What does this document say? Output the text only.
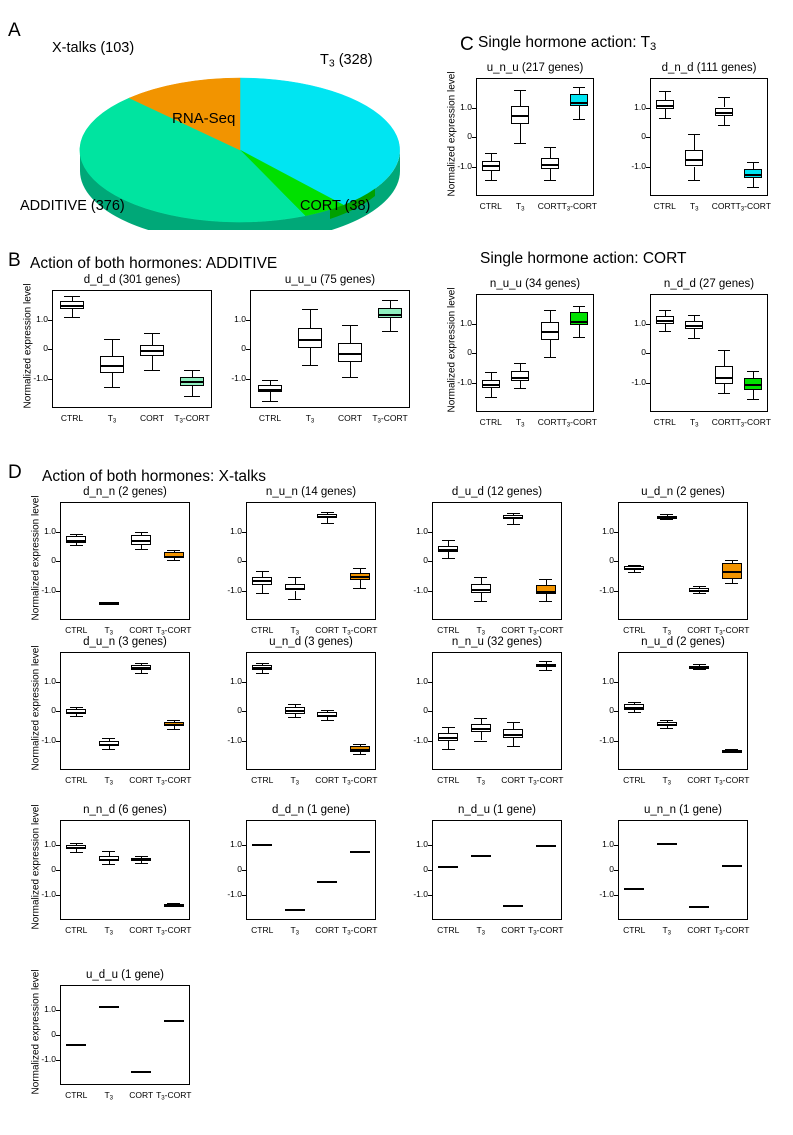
A
B
C
D
$T_3$ (328)
X-talks (103)
ADDITIVE (376)	CORT (38)
RNA-Seq
Single hormone action: $T_3$
Action of both hormones: ADDITIVE	Single hormone action: CORT
Action of both hormones: X-talks
u_n_u (217 genes)
1.0
0
-1.0
Normalized expression level
CTRL	$T_3$	CORT $T_3$-CORT
d_n_d (111 genes)
1.0
0
-1.0
CTRL	$T_3$	CORT $T_3$-CORT
d_d_d (301 genes)
1.0
0
-1.0
Normalized expression level
CTRL	$T_3$	CORT	$T_3$-CORT
u_u_u (75 genes)
1.0
0
-1.0
CTRL	$T_3$	CORT	$T_3$-CORT
n_u_u (34 genes)
1.0
0
-1.0
Normalized expression level
CTRL	$T_3$	CORT $T_3$-CORT
n_d_d (27 genes)
1.0
0
-1.0
CTRL	$T_3$	CORT $T_3$-CORT
d_n_n (2 genes)
1.0
0
-1.0
Normalized expression level
CTRL	$T_3$	CORT $T_3$-CORT
n_u_n (14 genes)
1.0
0
-1.0
CTRL	$T_3$	CORT $T_3$-CORT
d_u_d (12 genes)
1.0
0
-1.0
CTRL	$T_3$	CORT $T_3$-CORT
u_d_n (2 genes)
1.0
0
-1.0
CTRL	$T_3$	CORT $T_3$-CORT
d_u_n (3 genes)
1.0
0
-1.0
Normalized expression level
CTRL	$T_3$	CORT $T_3$-CORT
u_n_d (3 genes)
1.0
0
-1.0
CTRL	$T_3$	CORT $T_3$-CORT
n_n_u (32 genes)
1.0
0
-1.0
CTRL	$T_3$	CORT $T_3$-CORT
n_u_d (2 genes)
1.0
0
-1.0
CTRL	$T_3$	CORT $T_3$-CORT
n_n_d (6 genes)
1.0
0
-1.0
Normalized expression level
CTRL	$T_3$	CORT $T_3$-CORT
d_d_n (1 gene)
1.0
0
-1.0
CTRL	$T_3$	CORT $T_3$-CORT
n_d_u (1 gene)
1.0
0
-1.0
CTRL	$T_3$	CORT $T_3$-CORT
u_n_n (1 gene)
1.0
0
-1.0
CTRL	$T_3$	CORT $T_3$-CORT
u_d_u (1 gene)
1.0
0
-1.0
Normalized expression level
CTRL	$T_3$	CORT $T_3$-CORT
